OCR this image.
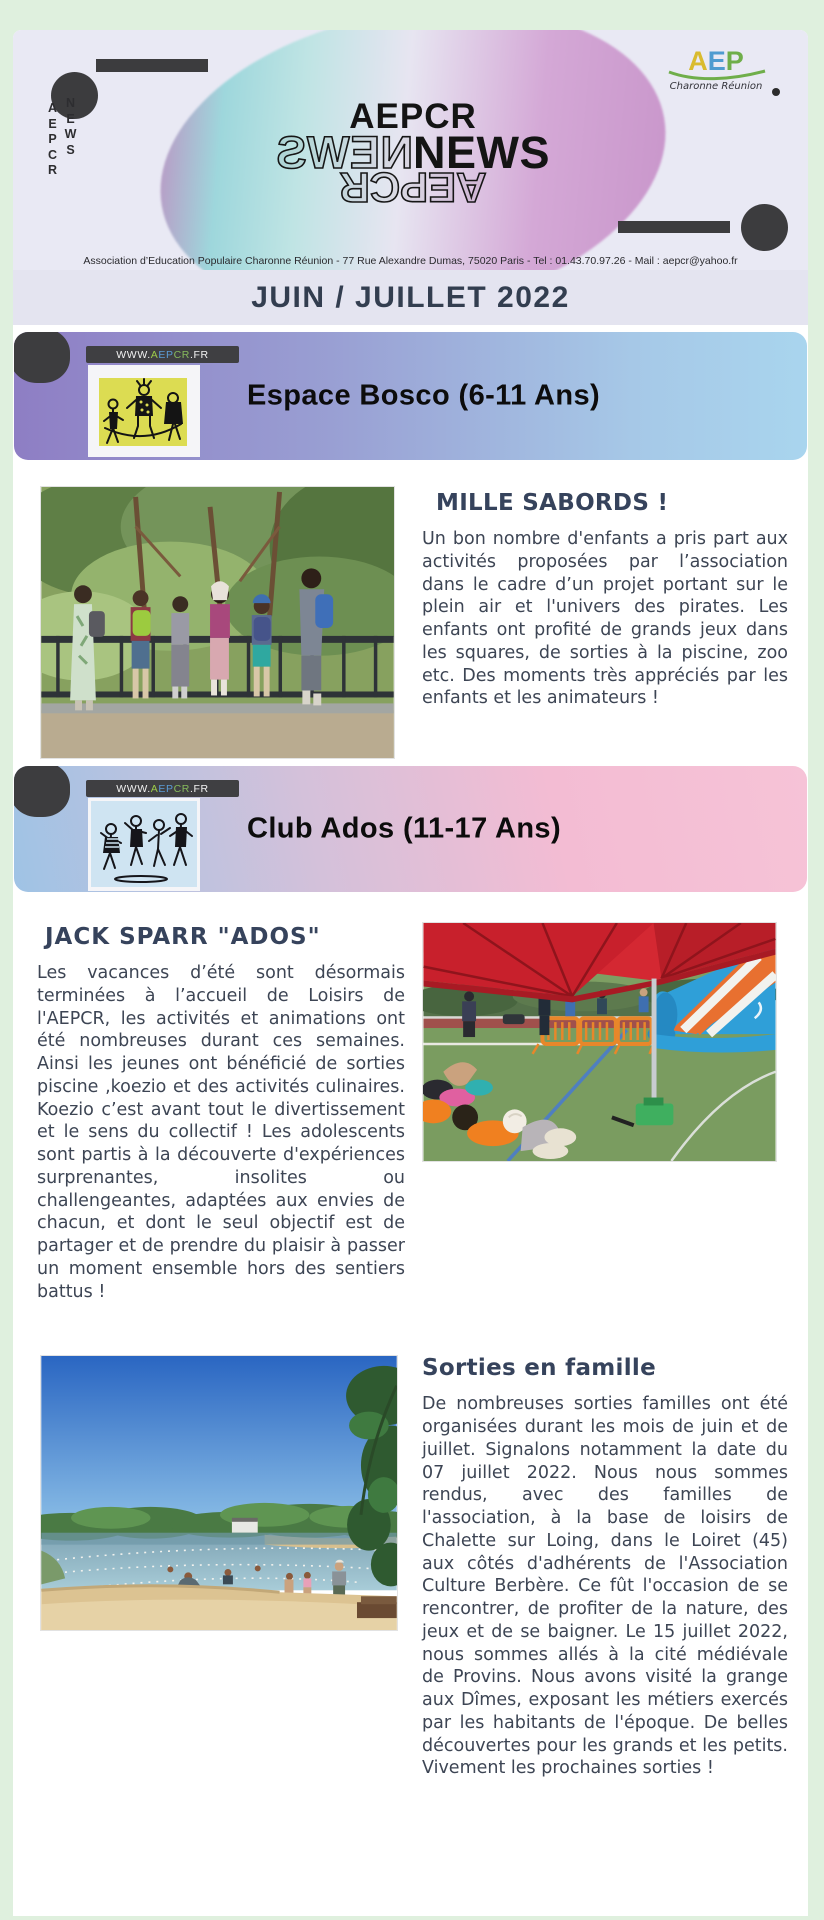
AEPCR
NEWS
AEPCR
NEWS NEWS
AEPCR
AEP
Charonne Réunion
Association d’Education Populaire Charonne Réunion - 77 Rue Alexandre Dumas, 75020 Paris - Tel : 01.43.70.97.26 - Mail : aepcr@yahoo.fr
JUIN / JUILLET 2022
WWW. A E P C R .FR
Espace Bosco (6-11 Ans)
MILLE SABORDS !

Un bon nombre d'enfants a pris part aux activités proposées par l’association dans le cadre d’un projet portant sur le plein air et l'univers des pirates. Les enfants ont profité de grands jeux dans les squares, de sorties à la piscine, zoo etc. Des moments très appréciés par les enfants et les animateurs !

WWW. A E P C R .FR
Club Ados (11-17 Ans)
JACK SPARR "ADOS"

Les vacances d’été sont désormais terminées à l’accueil de Loisirs de l'AEPCR, les activités et animations ont été nombreuses durant ces semaines. Ainsi les jeunes ont bénéficié de sorties piscine ,koezio et des activités culinaires. Koezio c’est avant tout le divertissement et le sens du collectif ! Les adolescents sont partis à la découverte d'expériences surprenantes, insolites ou challengeantes, adaptées aux envies de chacun, et dont le seul objectif est de partager et de prendre du plaisir à passer un moment ensemble hors des sentiers battus !

Sorties en famille

De nombreuses sorties familles ont été organisées durant les mois de juin et de juillet. Signalons notamment la date du 07 juillet 2022. Nous nous sommes rendus, avec des familles de l'association, à la base de loisirs de Chalette sur Loing, dans le Loiret (45) aux côtés d'adhérents de l'Association Culture Berbère. Ce fût l'occasion de se rencontrer, de profiter de la nature, des jeux et de se baigner. Le 15 juillet 2022, nous sommes allés à la cité médiévale de Provins. Nous avons visité la grange aux Dîmes, exposant les métiers exercés par les habitants de l'époque. De belles découvertes pour les grands et les petits. Vivement les prochaines sorties !
